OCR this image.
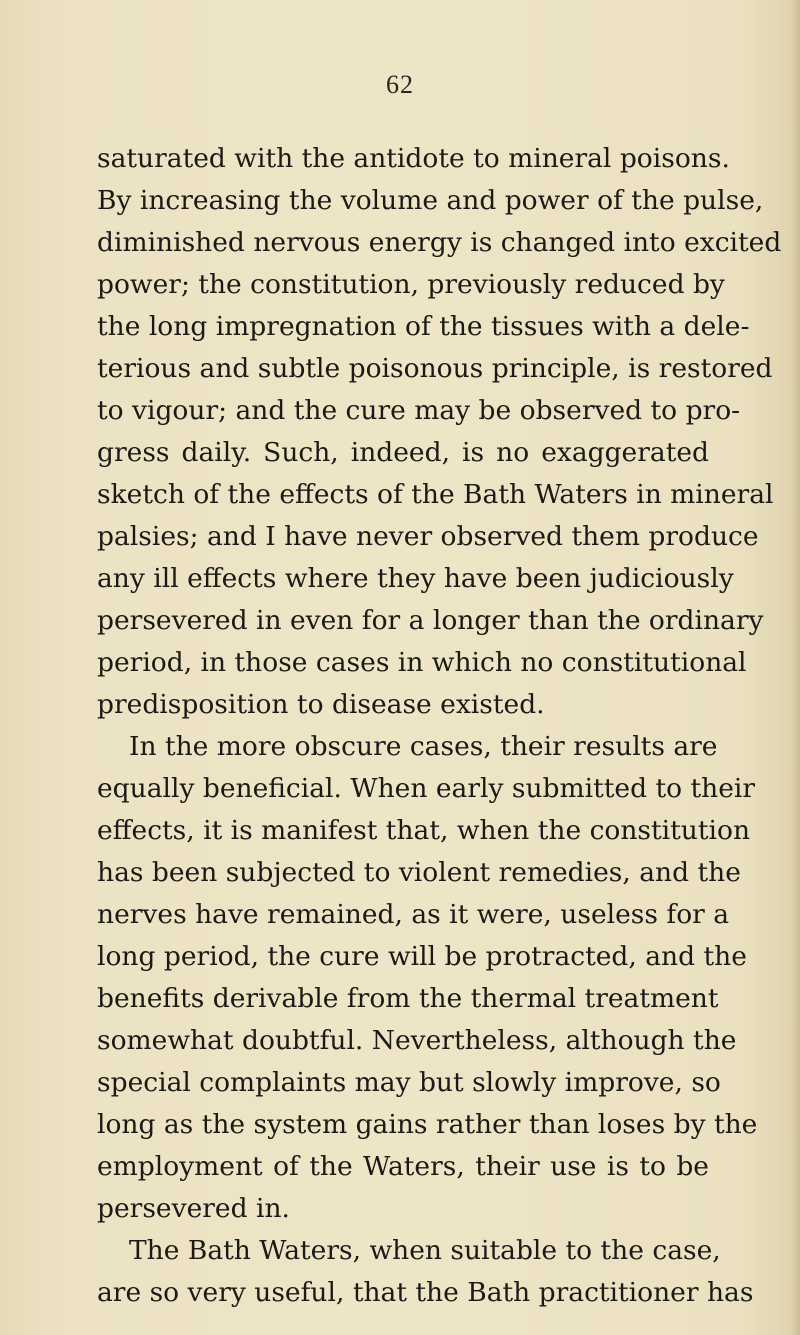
62
saturated with the antidote to mineral poisons.
By increasing the volume and power of the pulse,
diminished nervous energy is changed into excited
power; the constitution, previously reduced by
the long impregnation of the tissues with a dele-
terious and subtle poisonous principle, is restored
to vigour; and the cure may be observed to pro-
gress daily. Such, indeed, is no exaggerated
sketch of the effects of the Bath Waters in mineral
palsies; and I have never observed them produce
any ill effects where they have been judiciously
persevered in even for a longer than the ordinary
period, in those cases in which no constitutional
predisposition to disease existed.
In the more obscure cases, their results are
equally beneficial. When early submitted to their
effects, it is manifest that, when the constitution
has been subjected to violent remedies, and the
nerves have remained, as it were, useless for a
long period, the cure will be protracted, and the
benefits derivable from the thermal treatment
somewhat doubtful. Nevertheless, although the
special complaints may but slowly improve, so
long as the system gains rather than loses by the
employment of the Waters, their use is to be
persevered in.
The Bath Waters, when suitable to the case,
are so very useful, that the Bath practitioner has
